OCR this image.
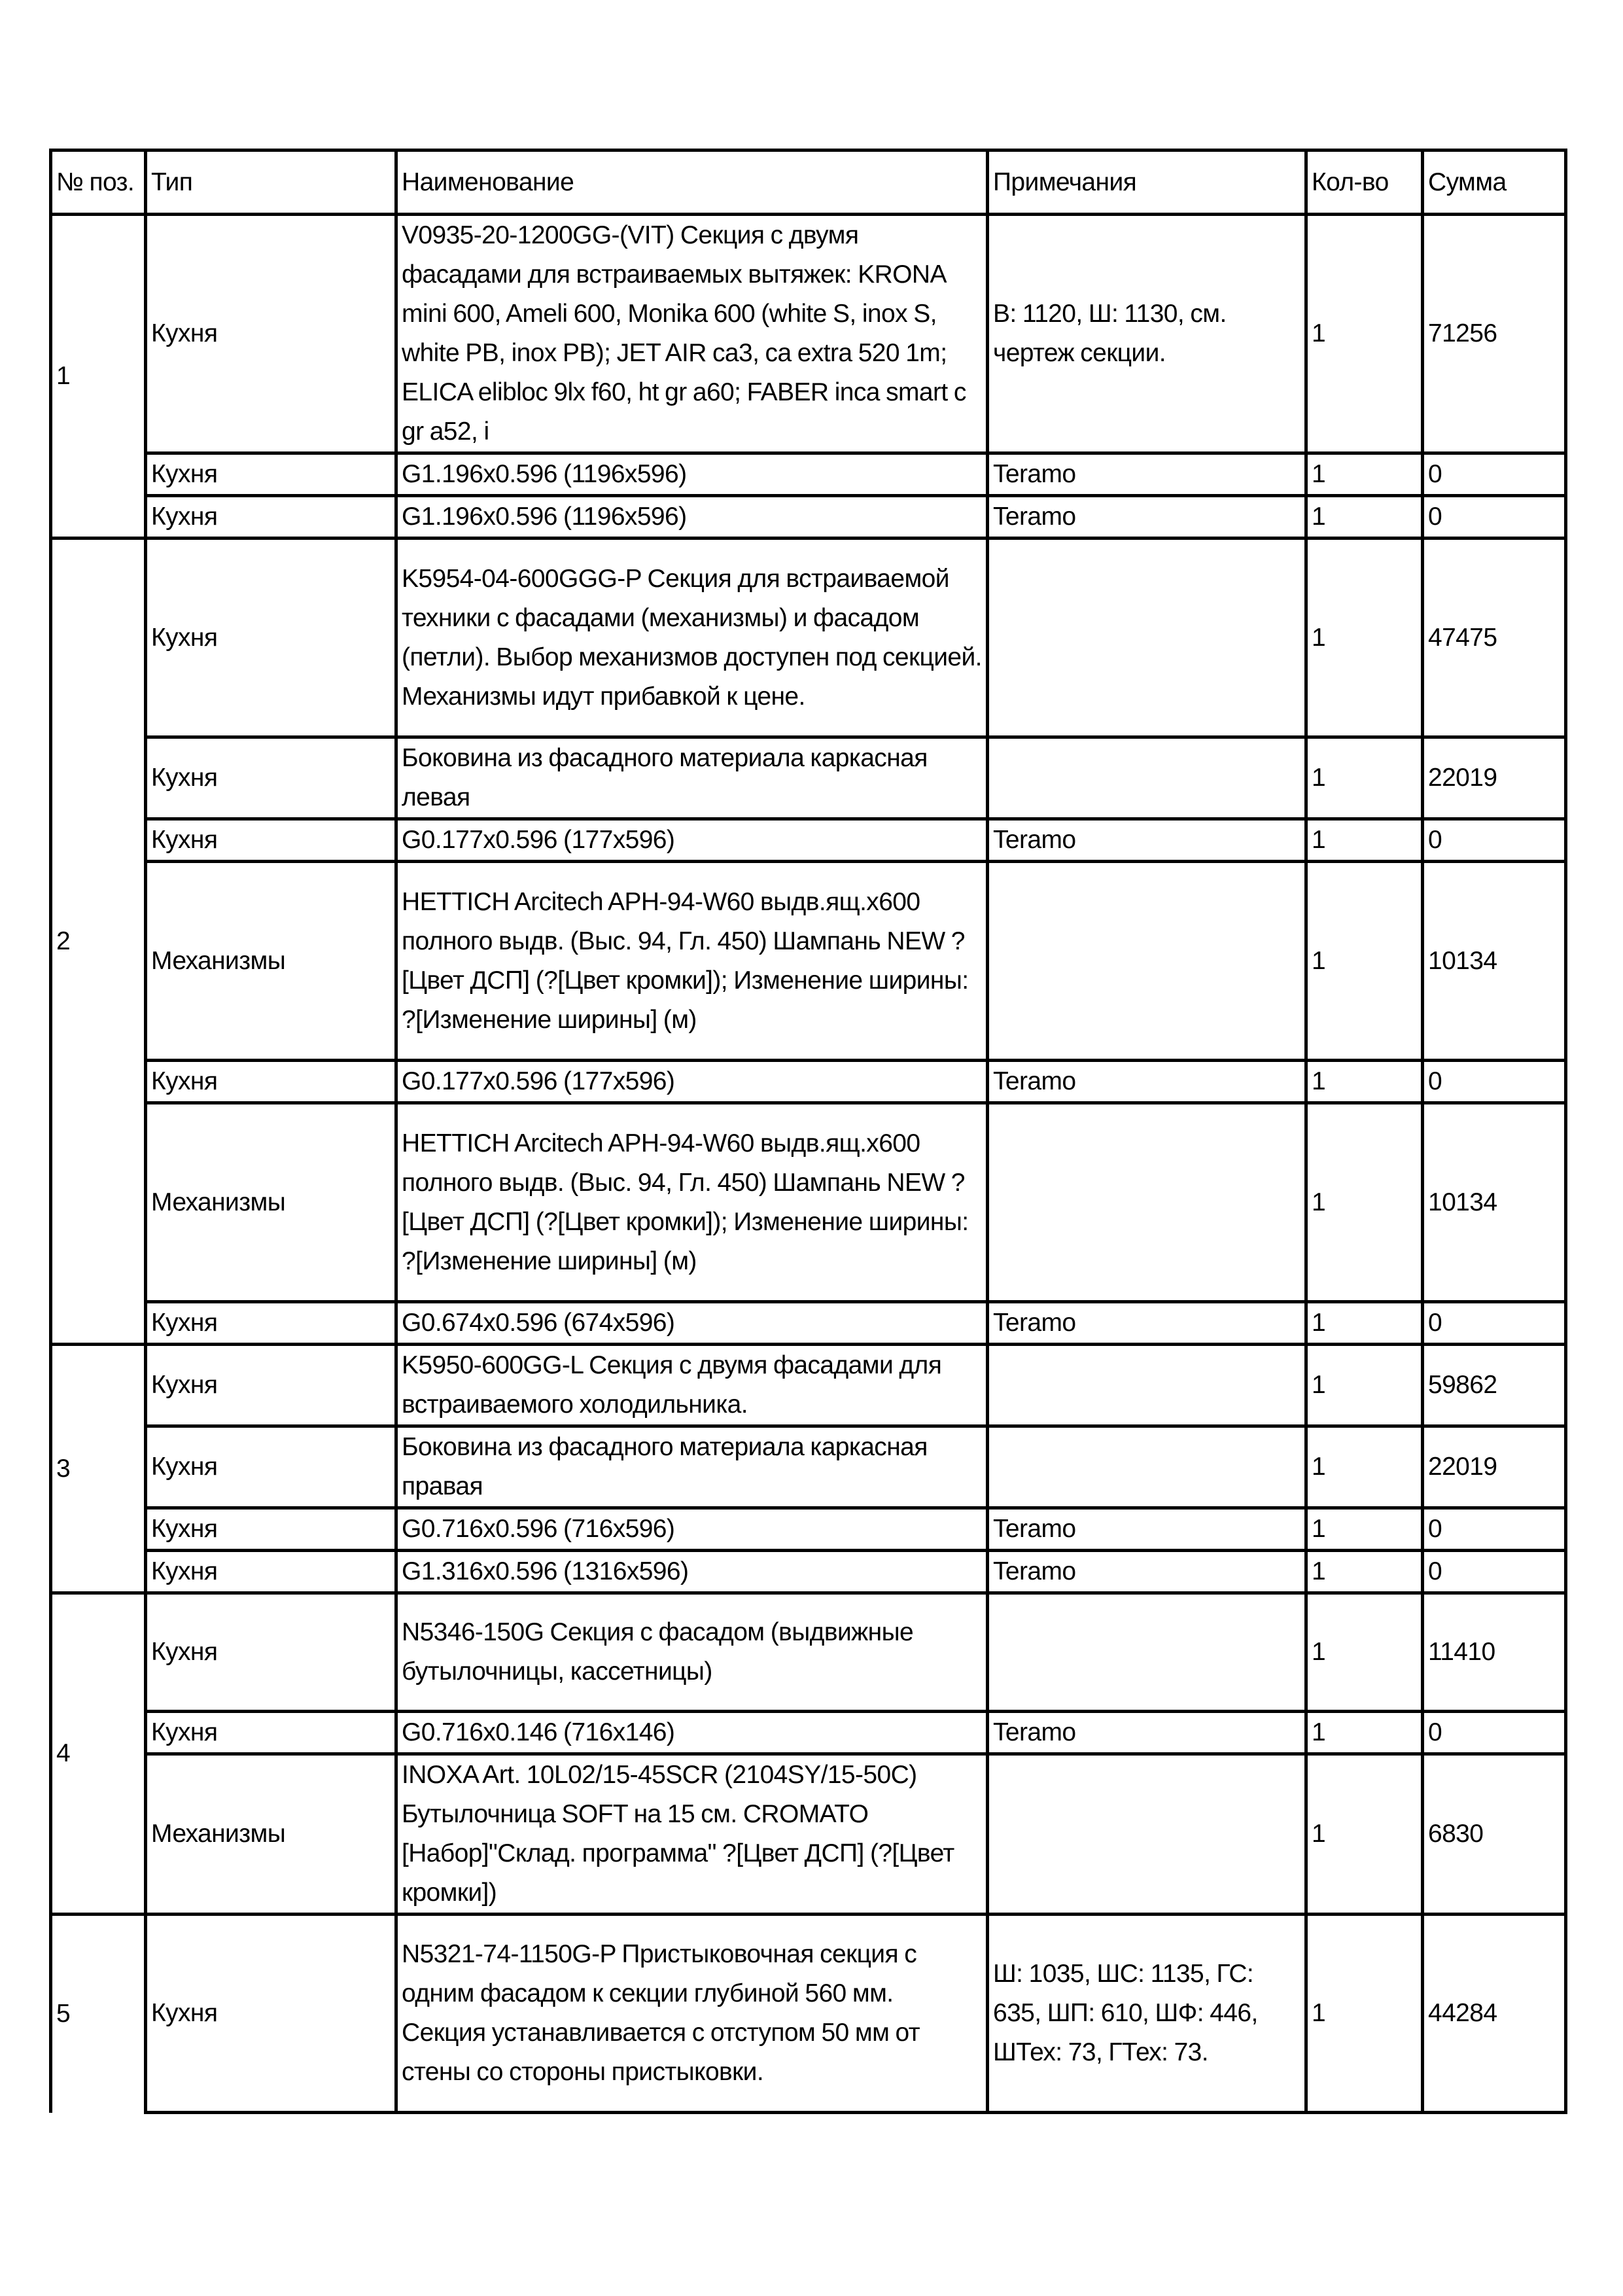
№ поз.	Тип	Наименование	Примечания	Кол-во	Сумма
1	Кухня	V0935-20-1200GG-(VIT) Секция с двумя фасадами для встраиваемых вытяжек: KRONA mini 600, Ameli 600, Monika 600 (white S, inox S, white PB, inox PB); JET AIR ca3, ca extra 520 1m; ELICA elibloc 9lx f60, ht gr a60; FABER inca smart c gr a52, i	В: 1120, Ш: 1130, см. чертеж секции.	1	71256
	Кухня	G1.196x0.596 (1196x596)	Teramo	1	0
	Кухня	G1.196x0.596 (1196x596)	Teramo	1	0
2	Кухня	K5954-04-600GGG-P Секция для встраиваемой техники с фасадами (механизмы) и фасадом (петли). Выбор механизмов доступен под секцией. Механизмы идут прибавкой к цене.		1	47475
	Кухня	Боковина из фасадного материала каркасная левая		1	22019
	Кухня	G0.177x0.596 (177x596)	Teramo	1	0
	Механизмы	HETTICH Arcitech APH-94-W60 выдв.ящ.x600 полного выдв. (Выс. 94, Гл. 450) Шампань NEW ?[Цвет ДСП] (?[Цвет кромки]); Изменение ширины: ?[Изменение ширины] (м)		1	10134
	Кухня	G0.177x0.596 (177x596)	Teramo	1	0
	Механизмы	HETTICH Arcitech APH-94-W60 выдв.ящ.x600 полного выдв. (Выс. 94, Гл. 450) Шампань NEW ?[Цвет ДСП] (?[Цвет кромки]); Изменение ширины: ?[Изменение ширины] (м)		1	10134
	Кухня	G0.674x0.596 (674x596)	Teramo	1	0
3	Кухня	K5950-600GG-L Секция с двумя фасадами для встраиваемого холодильника.		1	59862
	Кухня	Боковина из фасадного материала каркасная правая		1	22019
	Кухня	G0.716x0.596 (716x596)	Teramo	1	0
	Кухня	G1.316x0.596 (1316x596)	Teramo	1	0
4	Кухня	N5346-150G Секция с фасадом (выдвижные бутылочницы, кассетницы)		1	11410
	Кухня	G0.716x0.146 (716x146)	Teramo	1	0
	Механизмы	INOXA Art. 10L02/15-45SCR (2104SY/15-50C) Бутылочница SOFT на 15 см. CROMATO [Набор]"Склад. программа" ?[Цвет ДСП] (?[Цвет кромки])		1	6830
5	Кухня	N5321-74-1150G-P Пристыковочная секция с одним фасадом к секции глубиной 560 мм. Секция устанавливается с отступом 50 мм от стены со стороны пристыковки.	Ш: 1035, ШС: 1135, ГС: 635, ШП: 610, ШФ: 446, ШТех: 73, ГТех: 73.	1	44284
